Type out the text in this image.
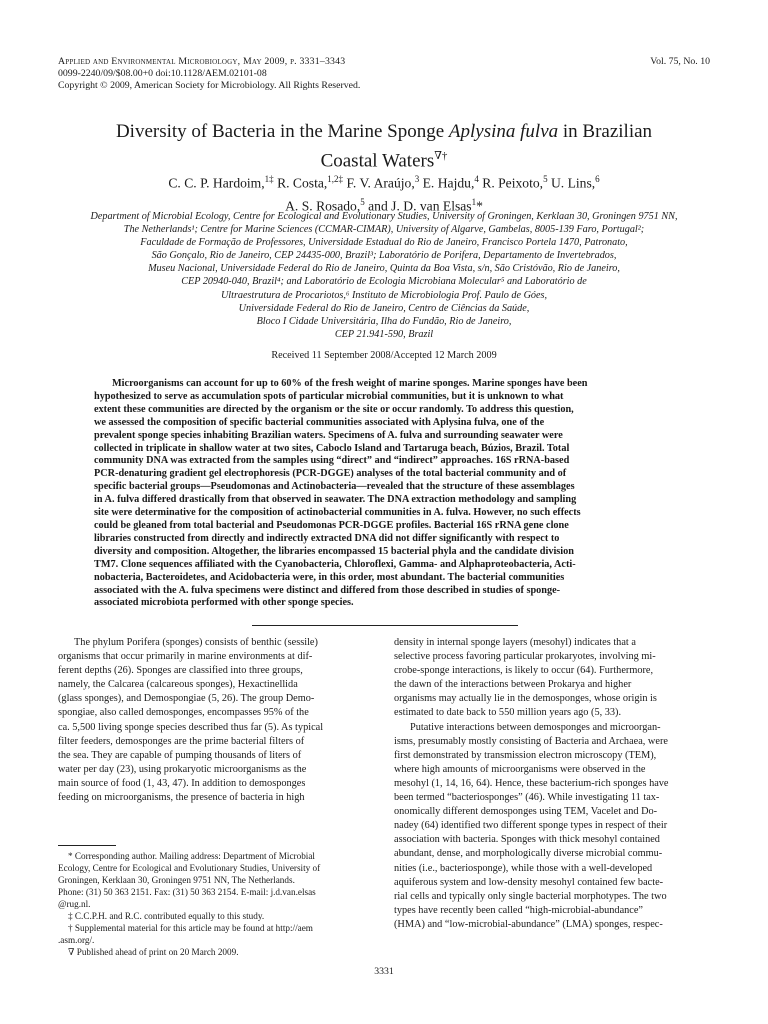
Applied and Environmental Microbiology, May 2009, p. 3331–3343
0099-2240/09/$08.00+0 doi:10.1128/AEM.02101-08
Copyright © 2009, American Society for Microbiology. All Rights Reserved.
Vol. 75, No. 10
Diversity of Bacteria in the Marine Sponge Aplysina fulva in Brazilian
Coastal Waters∇†
C. C. P. Hardoim,$^{1\ddagger}$ R. Costa,$^{1,2\ddagger}$ F. V. Araújo,$^3$ E. Hajdu,$^4$ R. Peixoto,$^5$ U. Lins,$^6$
A. S. Rosado,$^5$ and J. D. van Elsas$^1$*
Department of Microbial Ecology, Centre for Ecological and Evolutionary Studies, University of Groningen, Kerklaan 30, Groningen 9751 NN,
The Netherlands¹; Centre for Marine Sciences (CCMAR-CIMAR), University of Algarve, Gambelas, 8005-139 Faro, Portugal²;
Faculdade de Formação de Professores, Universidade Estadual do Rio de Janeiro, Francisco Portela 1470, Patronato,
São Gonçalo, Rio de Janeiro, CEP 24435-000, Brazil³; Laboratório de Porifera, Departamento de Invertebrados,
Museu Nacional, Universidade Federal do Rio de Janeiro, Quinta da Boa Vista, s/n, São Cristóvão, Rio de Janeiro,
CEP 20940-040, Brazil⁴; and Laboratório de Ecologia Microbiana Molecular⁵ and Laboratório de
Ultraestrutura de Procariotos,⁶ Instituto de Microbiologia Prof. Paulo de Góes,
Universidade Federal do Rio de Janeiro, Centro de Ciências da Saúde,
Bloco I Cidade Universitária, Ilha do Fundão, Rio de Janeiro,
CEP 21.941-590, Brazil
Received 11 September 2008/Accepted 12 March 2009
Microorganisms can account for up to 60% of the fresh weight of marine sponges. Marine sponges have been
hypothesized to serve as accumulation spots of particular microbial communities, but it is unknown to what
extent these communities are directed by the organism or the site or occur randomly. To address this question,
we assessed the composition of specific bacterial communities associated with Aplysina fulva, one of the
prevalent sponge species inhabiting Brazilian waters. Specimens of A. fulva and surrounding seawater were
collected in triplicate in shallow water at two sites, Caboclo Island and Tartaruga beach, Búzios, Brazil. Total
community DNA was extracted from the samples using “direct” and “indirect” approaches. 16S rRNA-based
PCR-denaturing gradient gel electrophoresis (PCR-DGGE) analyses of the total bacterial community and of
specific bacterial groups—Pseudomonas and Actinobacteria—revealed that the structure of these assemblages
in A. fulva differed drastically from that observed in seawater. The DNA extraction methodology and sampling
site were determinative for the composition of actinobacterial communities in A. fulva. However, no such effects
could be gleaned from total bacterial and Pseudomonas PCR-DGGE profiles. Bacterial 16S rRNA gene clone
libraries constructed from directly and indirectly extracted DNA did not differ significantly with respect to
diversity and composition. Altogether, the libraries encompassed 15 bacterial phyla and the candidate division
TM7. Clone sequences affiliated with the Cyanobacteria, Chloroflexi, Gamma- and Alphaproteobacteria, Acti-
nobacteria, Bacteroidetes, and Acidobacteria were, in this order, most abundant. The bacterial communities
associated with the A. fulva specimens were distinct and differed from those described in studies of sponge-
associated microbiota performed with other sponge species.
The phylum Porifera (sponges) consists of benthic (sessile)
organisms that occur primarily in marine environments at dif-
ferent depths (26). Sponges are classified into three groups,
namely, the Calcarea (calcareous sponges), Hexactinellida
(glass sponges), and Demospongiae (5, 26). The group Demo-
spongiae, also called demosponges, encompasses 95% of the
ca. 5,500 living sponge species described thus far (5). As typical
filter feeders, demosponges are the prime bacterial filters of
the sea. They are capable of pumping thousands of liters of
water per day (23), using prokaryotic microorganisms as the
main source of food (1, 43, 47). In addition to demosponges
feeding on microorganisms, the presence of bacteria in high
* Corresponding author. Mailing address: Department of Microbial
Ecology, Centre for Ecological and Evolutionary Studies, University of
Groningen, Kerklaan 30, Groningen 9751 NN, The Netherlands.
Phone: (31) 50 363 2151. Fax: (31) 50 363 2154. E-mail: j.d.van.elsas
@rug.nl.
‡ C.C.P.H. and R.C. contributed equally to this study.
† Supplemental material for this article may be found at http://aem
.asm.org/.
∇ Published ahead of print on 20 March 2009.
density in internal sponge layers (mesohyl) indicates that a
selective process favoring particular prokaryotes, involving mi-
crobe-sponge interactions, is likely to occur (64). Furthermore,
the dawn of the interactions between Prokarya and higher
organisms may actually lie in the demosponges, whose origin is
estimated to date back to 550 million years ago (5, 33).
Putative interactions between demosponges and microorgan-
isms, presumably mostly consisting of Bacteria and Archaea, were
first demonstrated by transmission electron microscopy (TEM),
where high amounts of microorganisms were observed in the
mesohyl (1, 14, 16, 64). Hence, these bacterium-rich sponges have
been termed “bacteriosponges” (46). While investigating 11 tax-
onomically different demosponges using TEM, Vacelet and Do-
nadey (64) identified two different sponge types in respect of their
association with bacteria. Sponges with thick mesohyl contained
abundant, dense, and morphologically diverse microbial commu-
nities (i.e., bacteriosponge), while those with a well-developed
aquiferous system and low-density mesohyl contained few bacte-
rial cells and typically only single bacterial morphotypes. The two
types have recently been called “high-microbial-abundance”
(HMA) and “low-microbial-abundance” (LMA) sponges, respec-
3331
